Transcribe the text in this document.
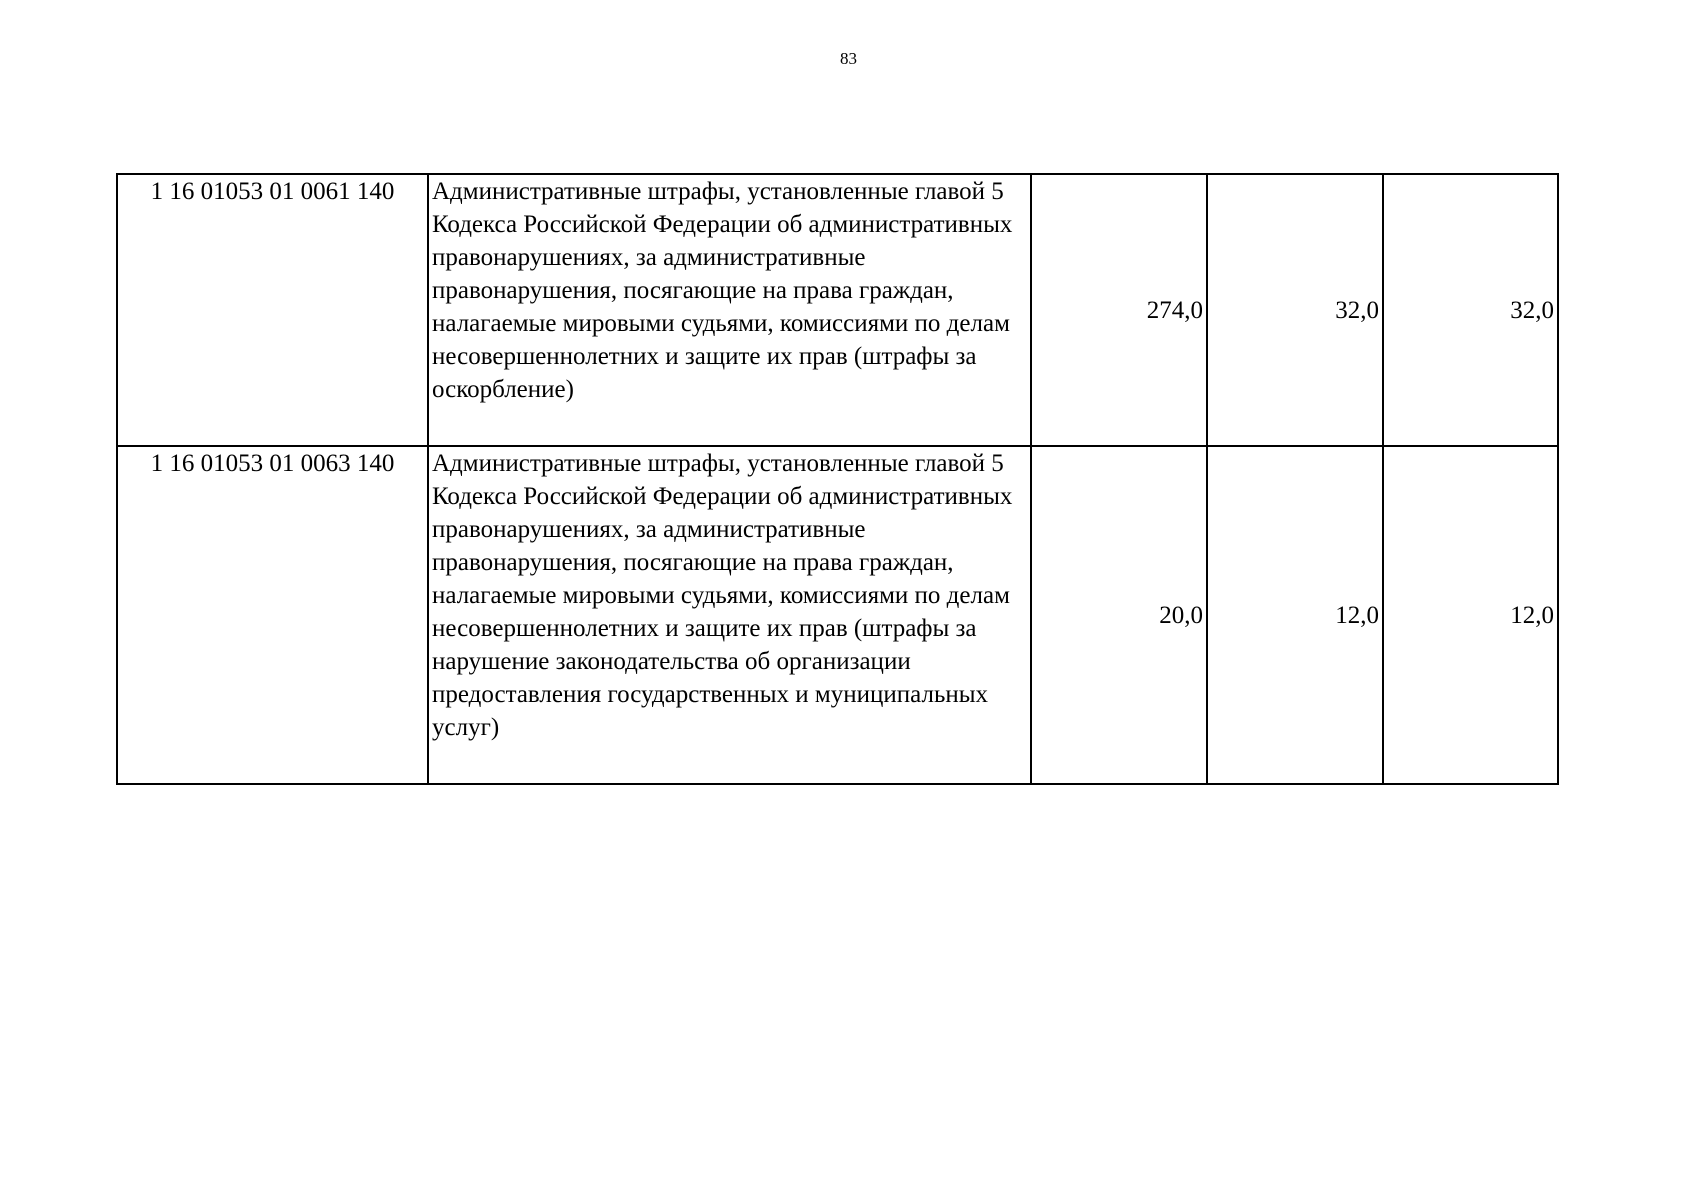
83
1 16 01053 01 0061 140	Административные штрафы, установленные главой 5 Кодекса Российской Федерации об административных правонарушениях, за административные правонарушения, посягающие на права граждан, налагаемые мировыми судьями, комиссиями по делам несовершеннолетних и защите их прав (штрафы за оскорбление)	274,0	32,0	32,0
1 16 01053 01 0063 140	Административные штрафы, установленные главой 5 Кодекса Российской Федерации об административных правонарушениях, за административные правонарушения, посягающие на права граждан, налагаемые мировыми судьями, комиссиями по делам несовершеннолетних и защите их прав (штрафы за нарушение законодательства об организации предоставления государственных и муниципальных услуг)	20,0	12,0	12,0
